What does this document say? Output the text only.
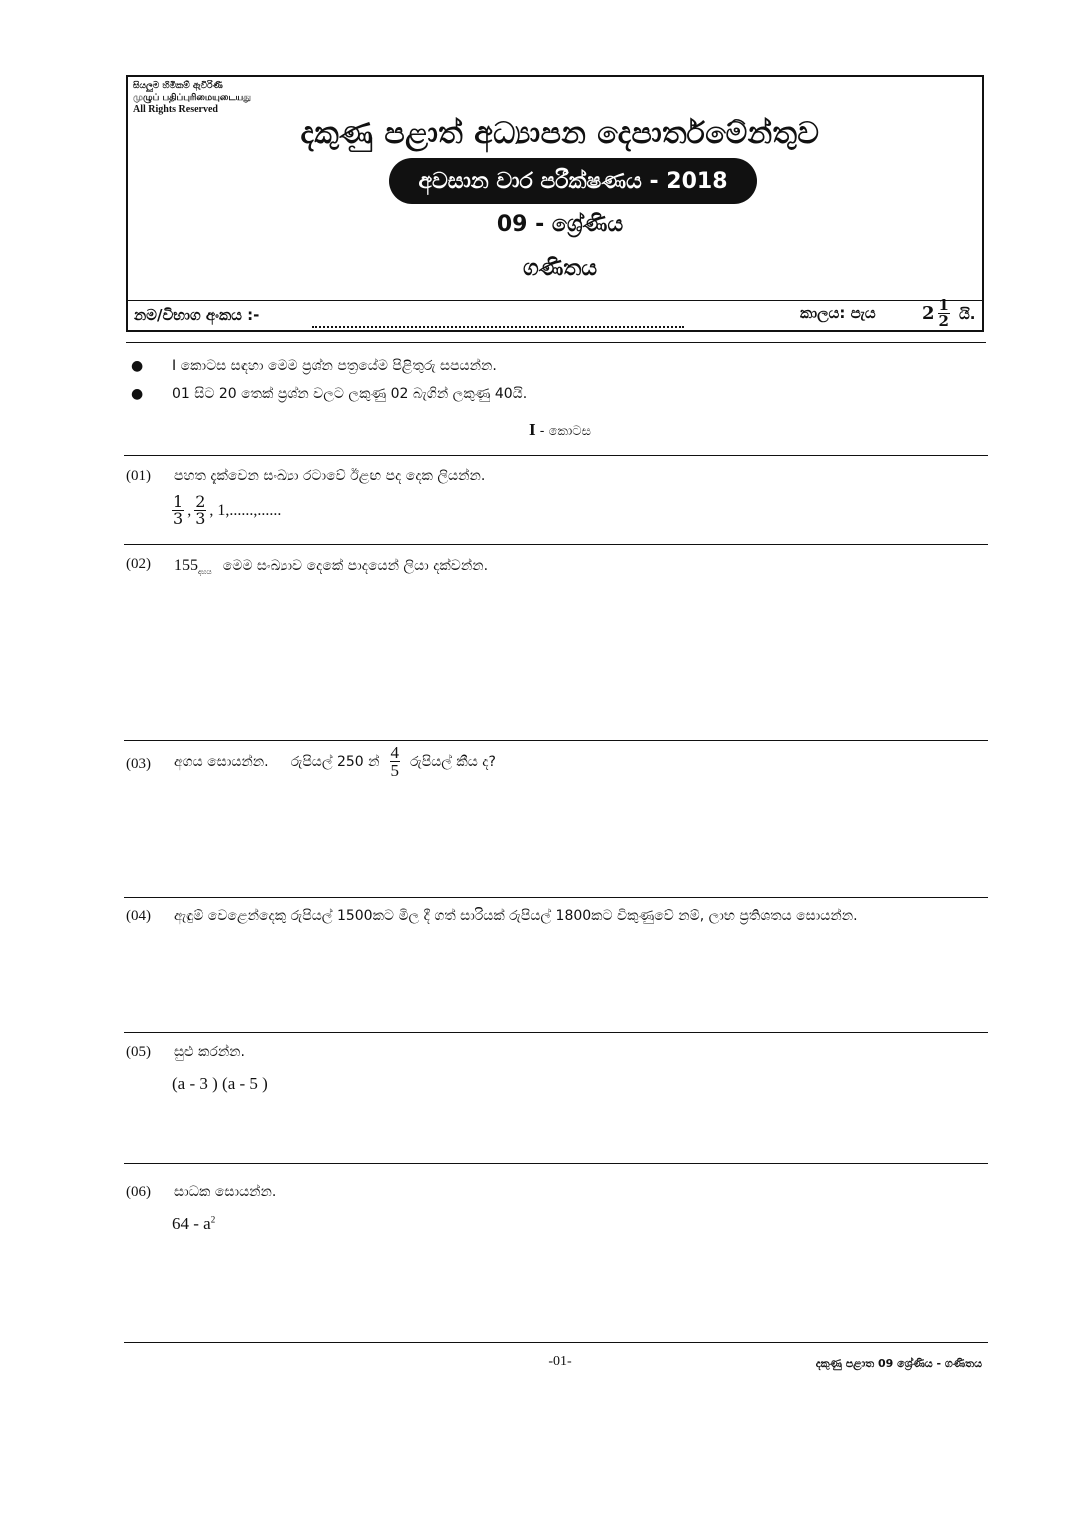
සියලුම හිමිකම් ඇවිරිණි
முழுப் பதிப்புரிமையுடையது
All Rights Reserved
දකුණු පළාත් අධ්‍යාපන දෙපාර්තමේන්තුව
අවසාන වාර පරීක්ෂණය - 2018
09 - ශ්‍රේණිය
ගණිතය
නම/විභාග අංකය :-	කාලය: පැය	$2 \frac{1}{2}$ යි.
● I කොටස සඳහා මෙම ප්‍රශ්න පත්‍රයේම පිළිතුරු සපයන්න.
● 01 සිට 20 තෙක් ප්‍රශ්න වලට ලකුණු 02 බැගින් ලකුණු 40යි.
I - කොටස
(01) පහත දැක්වෙන සංඛ්‍යා රටාවේ ඊළඟ පද දෙක ලියන්න.
$\frac{1}{3}$ , $\frac{2}{3}$ , 1,......,......
(02) $155_{දහය}$ මෙම සංඛ්‍යාව දෙකේ පාදයෙන් ලියා දක්වන්න.
(03) අගය සොයන්න. රුපියල් 250 න් $\frac{4}{5}$ රුපියල් කීය ද?
(04) ඇඳුම් වෙළෙන්දෙකු රුපියල් 1500කට මිල දී ගත් සාරියක් රුපියල් 1800කට විකුණුවේ නම්, ලාභ ප්‍රතිශතය සොයන්න.
(05) සුළු කරන්න.
(a - 3 ) (a - 5 )
(06) සාධක සොයන්න.
$64 - a^2$
-01-	දකුණු පළාත 09 ශ්‍රේණිය - ගණිතය
